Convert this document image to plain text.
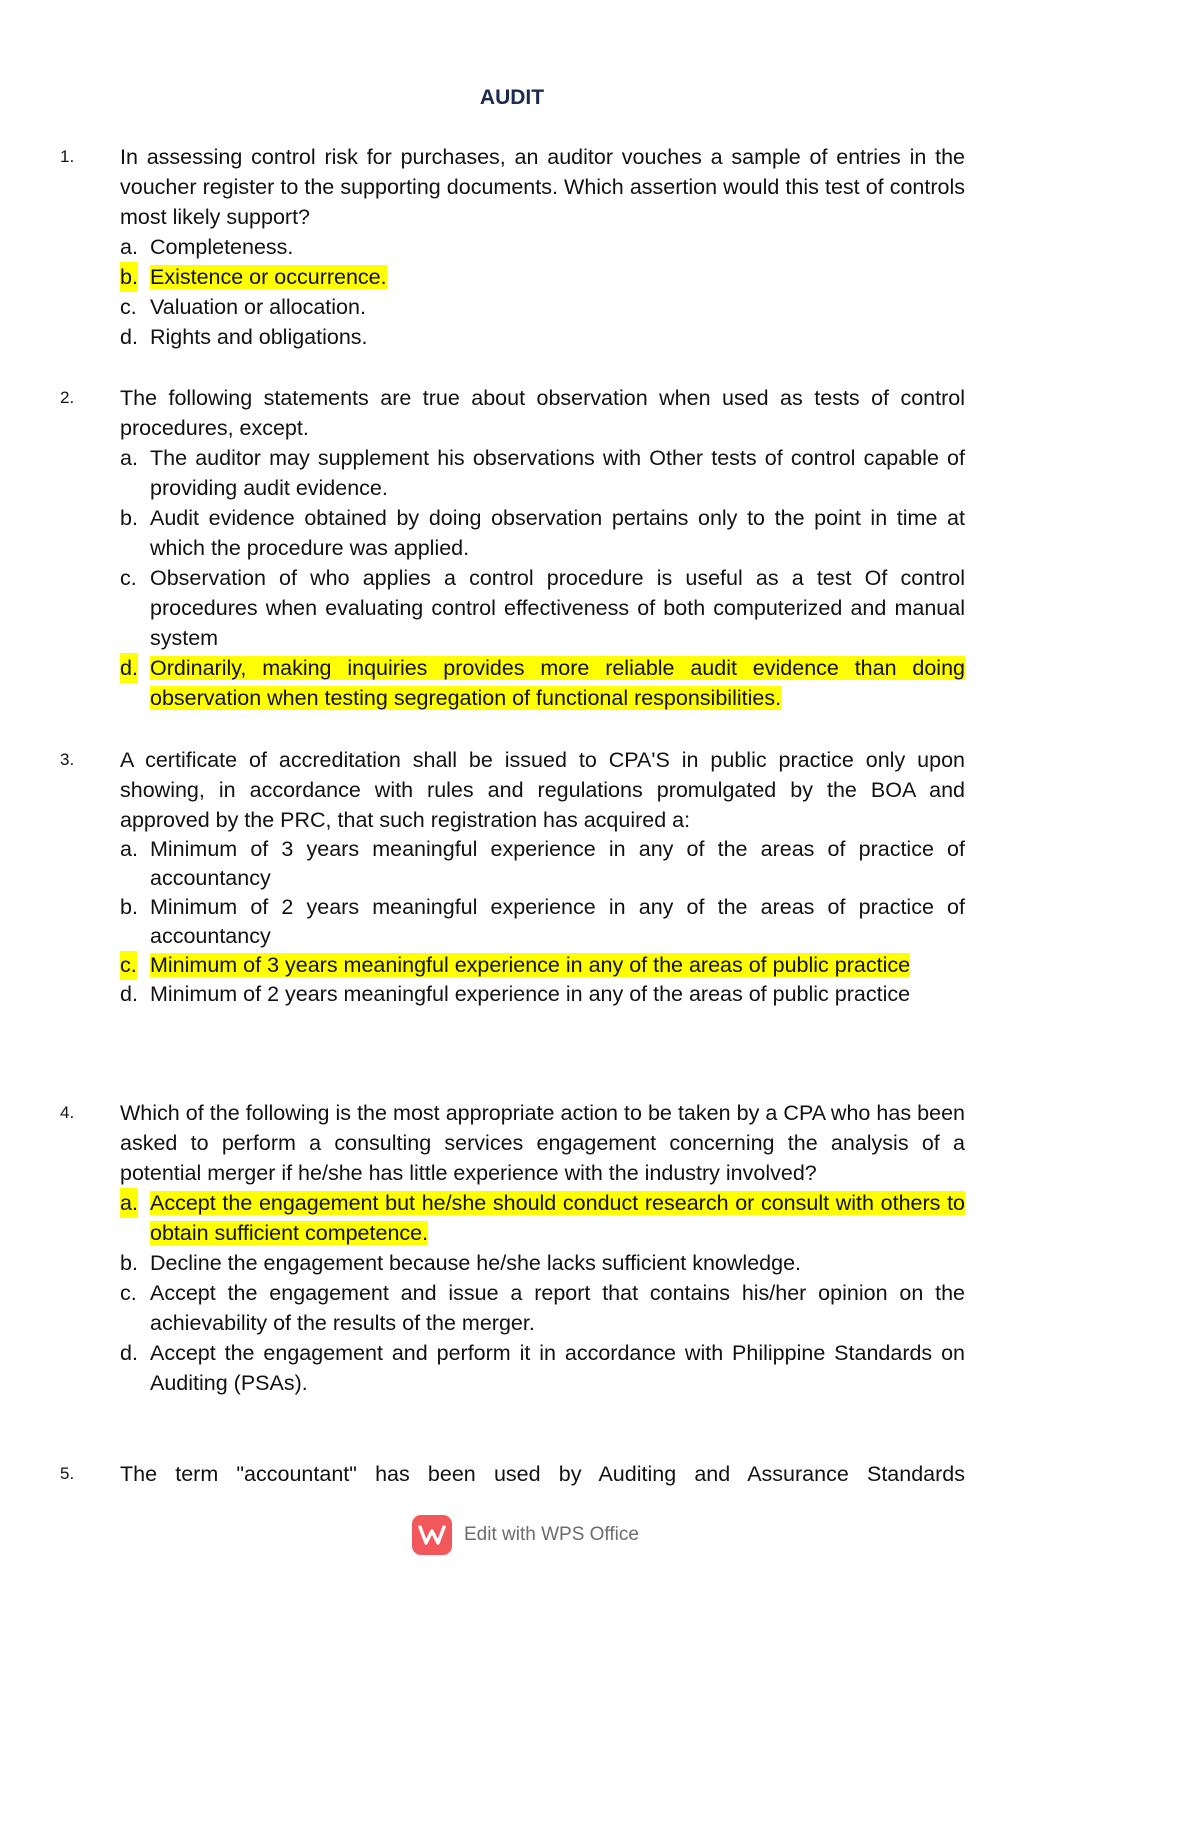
AUDIT
1. In assessing control risk for purchases, an auditor vouches a sample of entries in the voucher register to the supporting documents. Which assertion would this test of controls most likely support?

a. Completeness.
b. Existence or occurrence.
c. Valuation or allocation.
d. Rights and obligations.
2. The following statements are true about observation when used as tests of control procedures, except.

a. The auditor may supplement his observations with Other tests of control capable of providing audit evidence.
b. Audit evidence obtained by doing observation pertains only to the point in time at which the procedure was applied.
c. Observation of who applies a control procedure is useful as a test Of control procedures when evaluating control effectiveness of both computerized and manual system
d. Ordinarily, making inquiries provides more reliable audit evidence than doing observation when testing segregation of functional responsibilities.
3. A certificate of accreditation shall be issued to CPA'S in public practice only upon showing, in accordance with rules and regulations promulgated by the BOA and approved by the PRC, that such registration has acquired a:

a. Minimum of 3 years meaningful experience in any of the areas of practice of accountancy
b. Minimum of 2 years meaningful experience in any of the areas of practice of accountancy
c. Minimum of 3 years meaningful experience in any of the areas of public practice
d. Minimum of 2 years meaningful experience in any of the areas of public practice
4. Which of the following is the most appropriate action to be taken by a CPA who has been asked to perform a consulting services engagement concerning the analysis of a potential merger if he/she has little experience with the industry involved?

a. Accept the engagement but he/she should conduct research or consult with others to obtain sufficient competence.
b. Decline the engagement because he/she lacks sufficient knowledge.
c. Accept the engagement and issue a report that contains his/her opinion on the achievability of the results of the merger.
d. Accept the engagement and perform it in accordance with Philippine Standards on Auditing (PSAs).
5. The term "accountant" has been used by Auditing and Assurance Standards

Edit with WPS Office
